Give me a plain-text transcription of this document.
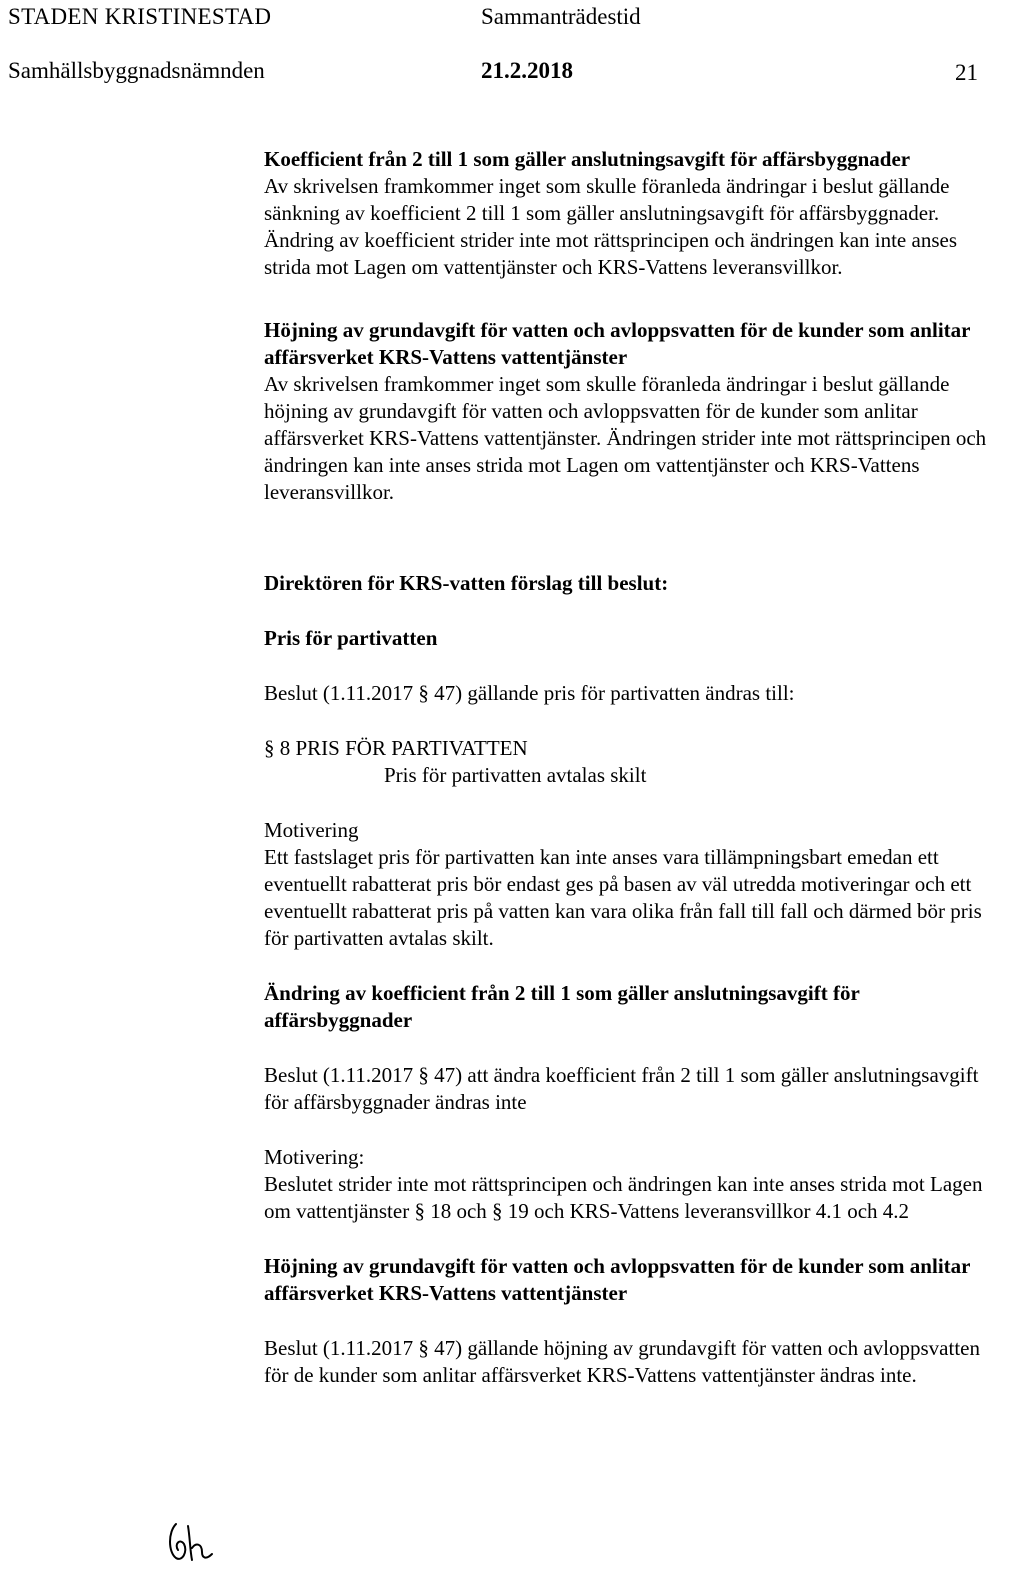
STADEN KRISTINESTAD	Sammanträdestid
Samhällsbyggnadsnämnden	21.2.2018	21

Koefficient från 2 till 1 som gäller anslutningsavgift för affärsbyggnader

Av skrivelsen framkommer inget som skulle föranleda ändringar i beslut gällande sänkning av koefficient 2 till 1 som gäller anslutningsavgift för affärsbyggnader. Ändring av koefficient strider inte mot rättsprincipen och ändringen kan inte anses strida mot Lagen om vattentjänster och KRS-Vattens leveransvillkor.

Höjning av grundavgift för vatten och avloppsvatten för de kunder som anlitar affärsverket KRS-Vattens vattentjänster

Av skrivelsen framkommer inget som skulle föranleda ändringar i beslut gällande höjning av grundavgift för vatten och avloppsvatten för de kunder som anlitar affärsverket KRS-Vattens vattentjänster. Ändringen strider inte mot rättsprincipen och ändringen kan inte anses strida mot Lagen om vattentjänster och KRS-Vattens leveransvillkor.

Direktören för KRS-vatten förslag till beslut:

Pris för partivatten

Beslut (1.11.2017 § 47) gällande pris för partivatten ändras till:

§ 8 PRIS FÖR PARTIVATTEN

Pris för partivatten avtalas skilt

Motivering

Ett fastslaget pris för partivatten kan inte anses vara tillämpningsbart emedan ett eventuellt rabatterat pris bör endast ges på basen av väl utredda motiveringar och ett eventuellt rabatterat pris på vatten kan vara olika från fall till fall och därmed bör pris för partivatten avtalas skilt.

Ändring av koefficient från 2 till 1 som gäller anslutningsavgift för affärsbyggnader

Beslut (1.11.2017 § 47) att ändra koefficient från 2 till 1 som gäller anslutningsavgift för affärsbyggnader ändras inte

Motivering:

Beslutet strider inte mot rättsprincipen och ändringen kan inte anses strida mot Lagen om vattentjänster § 18 och § 19 och KRS-Vattens leveransvillkor 4.1 och 4.2

Höjning av grundavgift för vatten och avloppsvatten för de kunder som anlitar affärsverket KRS-Vattens vattentjänster

Beslut (1.11.2017 § 47) gällande höjning av grundavgift för vatten och avloppsvatten för de kunder som anlitar affärsverket KRS-Vattens vattentjänster ändras inte.
